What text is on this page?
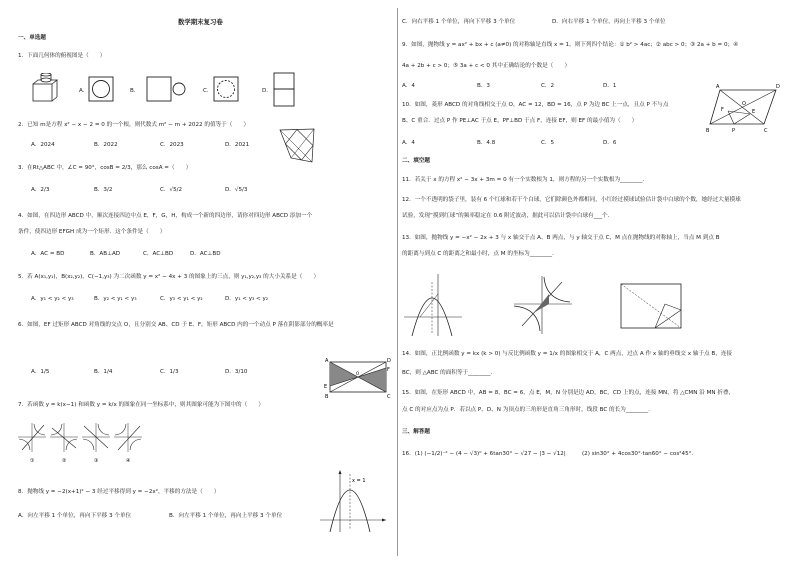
数学期末复习卷
一、单选题
1．下面几何体的俯视图是（　　）
A．	B．	C．	D．
2．已知 m是方程 x² − x − 2 = 0 的一个根，则代数式 m² − m + 2022 的值等于（　　）
A．2024	B．2022	C．2023	D．2021
3．在Rt△ABC 中，∠C = 90°，cosB = 2/3，那么 cosA =（　　）
A．2/3	B．3/2	C．√5/2	D．√5/3
4．如图，在四边形 ABCD 中，顺次连接四边中点 E，F，G，H，构成一个新的四边形，请你对四边形 ABCD 添加一个
条件，使四边形 EFGH 成为一个矩形．这个条件是（　　）
A．AC = BD	B．AB⊥AD	C．AC⊥BD	D．AC⊥BD
5．若 A(x₁,y₁)，B(x₂,y₂)，C(−1,y₃) 为二次函数 y = x² − 4x + 3 的图象上的三点，则 y₁,y₂,y₃ 的大小关系是（　　）
A．y₁ < y₂ < y₃	B．y₂ < y₁ < y₃	C．y₃ < y₁ < y₂	D．y₁ < y₃ < y₂
6．如图，EF 过矩形 ABCD 对角线的交点 O，且分别交 AB、CD 于 E、F，矩形 ABCD 内的一个动点 P 落在阴影部分的概率是
A．1/5	B．1/4	C．1/3	D．3/10
A	D
E
F
B	C
O
7．若函数 y = k(x−1) 和函数 y = k/x 的图象在同一坐标系中，则其图象可能为下图中的（　　）
①	②	③	④
8．抛物线 y = −2(x+1)² − 3 经过平移得到 y = −2x²，平移的方法是（　　）
A．向左平移 1 个单位，再向下平移 3 个单位	B．向左平移 1 个单位，再向上平移 3 个单位
x = 1
C．向右平移 1 个单位，再向下平移 3 个单位	D．向右平移 1 个单位，再向上平移 3 个单位
9．如图，抛物线 y = ax² + bx + c (a≠0) 的对称轴是直线 x = 1，则下列四个结论：① b² > 4ac；② abc > 0；③ 2a + b = 0；④
4a + 2b + c > 0；⑤ 3a + c < 0 其中正确结论的个数是（　　）
A．4	B．3	C．2	D．1
10．如图，菱形 ABCD 的对角线相交于点 O，AC = 12，BD = 16，点 P 为边 BC 上一点，且点 P 不与点
B、C 重合．过点 P 作 PE⊥AC 于点 E，PF⊥BD 于点 F，连接 EF，则 EF 的最小值为（　　）
A．4	B．4.8	C．5	D．6
A	D
B	C
O
E
F
P
二、填空题
11．若关于 x 的方程 x² − 3x + 3m = 0 有一个实数根为 1，则方程的另一个实数根为________．
12．一个不透明的袋子里，装有 6 个红球和若干个白球，它们除颜色外都相同，小红经过摸球试验估计袋中白球的个数，她经过大量摸球
试验，发现“摸到红球”的频率稳定在 0.6 附近波动，据此可以估计袋中白球有___个．
13．如图，抛物线 y = −x² − 2x + 3 与 x 轴交于点 A、B 两点，与 y 轴交于点 C，M 点在抛物线的对称轴上，当点 M 到点 B
的距离与到点 C 的距离之和最小时，点 M 的坐标为________．
14．如图，正比例函数 y = kx (k > 0) 与反比例函数 y = 1/x 的图象相交于 A，C 两点，过点 A 作 x 轴的垂线交 x 轴于点 B，连接
BC，则 △ABC 的面积等于________．
15．如图，在矩形 ABCD 中，AB = 8，BC = 6，点 E，M，N 分别是边 AD，BC，CD 上的点，连接 MN，将 △CMN 沿 MN 折叠，
点 C 的对应点为点 P．若以点 P、D、N 为顶点的三角形是直角三角形时，线段 BC 的长为________．
三、解答题
16．(1) (−1/2)⁻² − (4 − √3)⁰ + 6tan30° − √27 − |3 − √12|	(2) sin30° + 4cos30°·tan60° − cos²45°．
